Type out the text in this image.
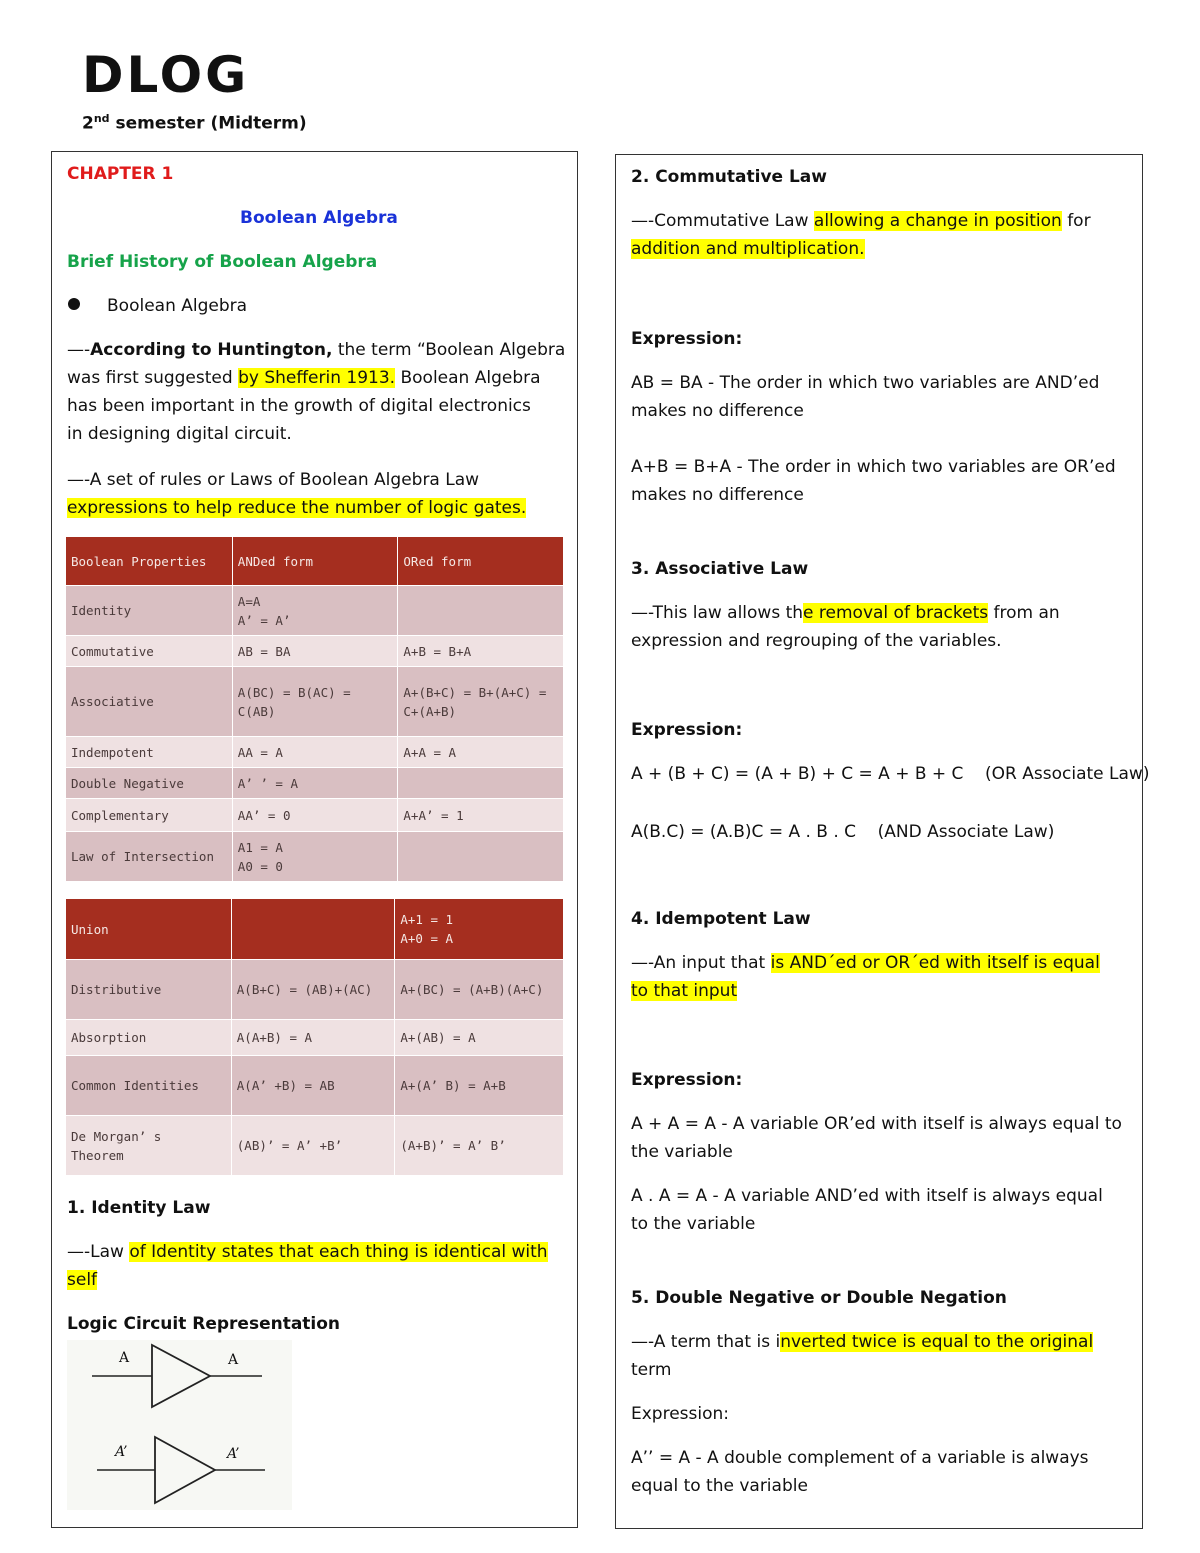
DLOG
2nd semester (Midterm)
CHAPTER 1
Boolean Algebra
Brief History of Boolean Algebra
Boolean Algebra
—-According to Huntington, the term “Boolean Algebra
was first suggested by Shefferin 1913. Boolean Algebra
has been important in the growth of digital electronics
in designing digital circuit.
—-A set of rules or Laws of Boolean Algebra Law
expressions to help reduce the number of logic gates.
Boolean Properties	ANDed form	ORed form
Identity	A=A
A’ = A’	
Commutative	AB = BA	A+B = B+A
Associative	A(BC) = B(AC) = C(AB)	A+(B+C) = B+(A+C) =
C+(A+B)
Indempotent	AA = A	A+A = A
Double Negative	A’ ’ = A	
Complementary	AA’ = 0	A+A’ = 1
Law of Intersection	A1 = A
A0 = 0	
Union		A+1 = 1
A+0 = A
Distributive	A(B+C) = (AB)+(AC)	A+(BC) = (A+B)(A+C)
Absorption	A(A+B) = A	A+(AB) = A
Common Identities	A(A’ +B) = AB	A+(A’ B) = A+B
De Morgan’ s
Theorem	(AB)’ = A’ +B’	(A+B)’ = A’ B’
1. Identity Law
—-Law of Identity states that each thing is identical with
self
Logic Circuit Representation
A	A
A’	A’
2. Commutative Law
—-Commutative Law allowing a change in position for
addition and multiplication.
Expression:
AB = BA - The order in which two variables are AND’ed
makes no difference
A+B = B+A - The order in which two variables are OR’ed
makes no difference
3. Associative Law
—-This law allows the removal of brackets from an
expression and regrouping of the variables.
Expression:
A + (B + C) = (A + B) + C = A + B + C    (OR Associate Law)
A(B.C) = (A.B)C = A . B . C    (AND Associate Law)
4. Idempotent Law
—-An input that is AND´ed or OR´ed with itself is equal
to that input
Expression:
A + A = A - A variable OR’ed with itself is always equal to
the variable
A . A = A - A variable AND’ed with itself is always equal
to the variable
5. Double Negative or Double Negation
—-A term that is inverted twice is equal to the original
term
Expression:
A’’ = A - A double complement of a variable is always
equal to the variable
